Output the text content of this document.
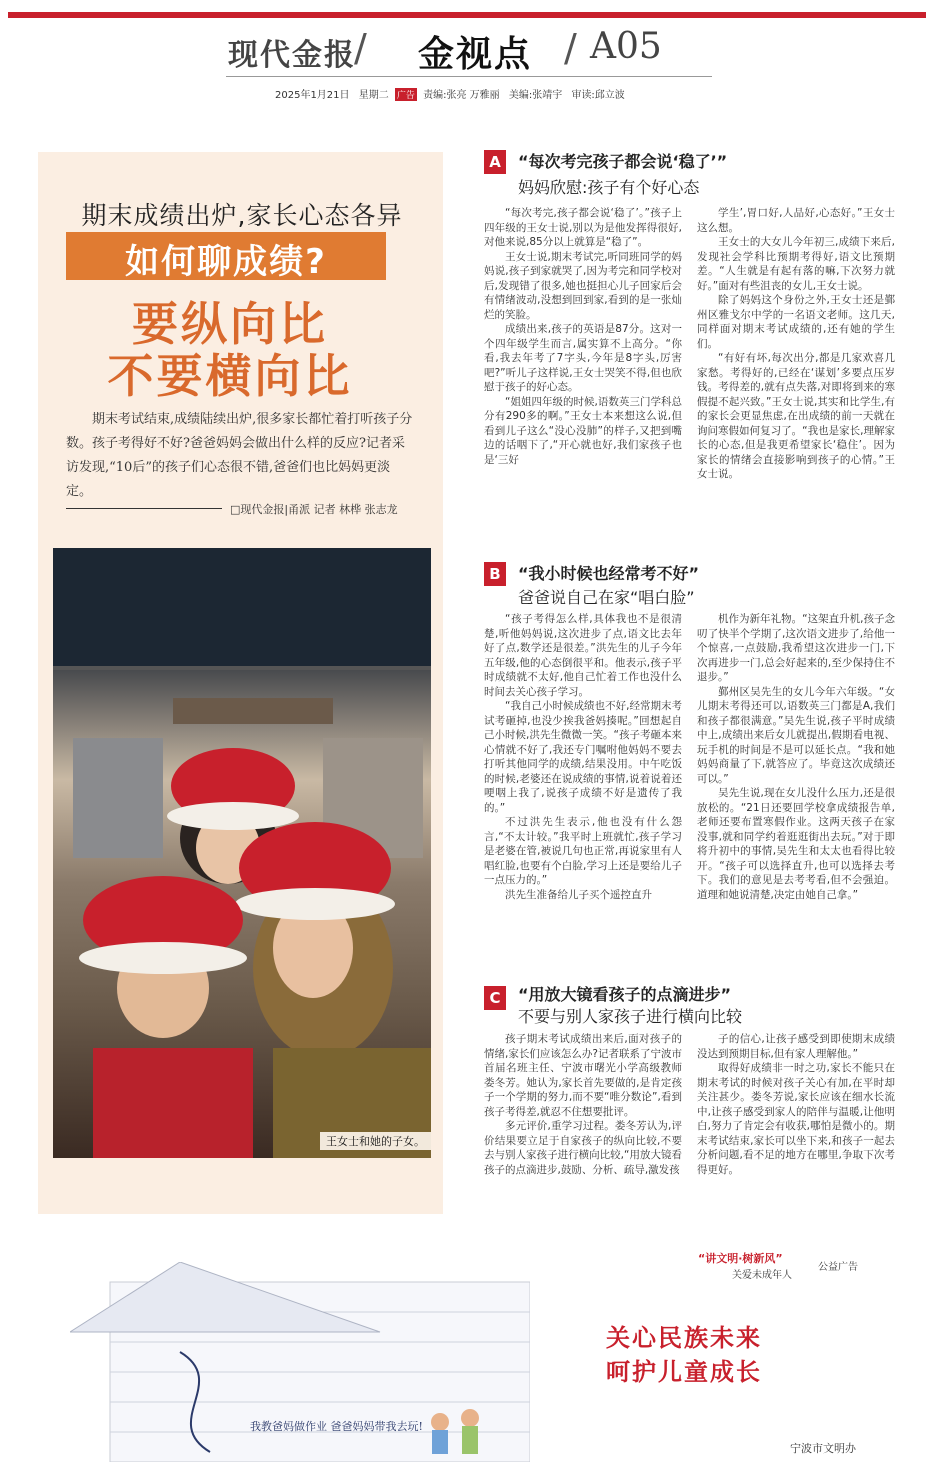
现代金报
/ 金视点 / A05
2025年1月21日 星期二 广告 责编:张亮 万雅丽 美编:张靖宇 审读:邱立波
期末成绩出炉,家长心态各异
如何聊成绩?
要纵向比
不要横向比
期末考试结束,成绩陆续出炉,很多家长都忙着打听孩子分数。孩子考得好不好?爸爸妈妈会做出什么样的反应?记者采访发现,“10后”的孩子们心态很不错,爸爸们也比妈妈更淡定。
□现代金报|甬派 记者 林桦 张志龙
王女士和她的子女。
A	“每次考完孩子都会说‘稳了’”
妈妈欣慰:孩子有个好心态

“每次考完,孩子都会说‘稳了’。”孩子上四年级的王女士说,别以为是他发挥得很好,对他来说,85分以上就算是“稳了”。

王女士说,期末考试完,听同班同学的妈妈说,孩子到家就哭了,因为考完和同学校对后,发现错了很多,她也挺担心儿子回家后会有情绪波动,没想到回到家,看到的是一张灿烂的笑脸。

成绩出来,孩子的英语是87分。这对一个四年级学生而言,属实算不上高分。“你看,我去年考了7字头,今年是8字头,厉害吧?”听儿子这样说,王女士哭笑不得,但也欣慰于孩子的好心态。

“姐姐四年级的时候,语数英三门学科总分有290多的啊。”王女士本来想这么说,但看到儿子这么“没心没肺”的样子,又把到嘴边的话咽下了,“开心就也好,我们家孩子也是‘三好

学生’,胃口好,人品好,心态好。”王女士这么想。

王女士的大女儿今年初三,成绩下来后,发现社会学科比预期考得好,语文比预期差。“人生就是有起有落的嘛,下次努力就好。”面对有些沮丧的女儿,王女士说。

除了妈妈这个身份之外,王女士还是鄞州区雅戈尔中学的一名语文老师。这几天,同样面对期末考试成绩的,还有她的学生们。

“有好有坏,每次出分,都是几家欢喜几家愁。考得好的,已经在‘谋划’多要点压岁钱。考得差的,就有点失落,对即将到来的寒假提不起兴致。”王女士说,其实和比学生,有的家长会更显焦虑,在出成绩的前一天就在询问寒假如何复习了。“我也是家长,理解家长的心态,但是我更希望家长‘稳住’。因为家长的情绪会直接影响到孩子的心情。”王女士说。

B	“我小时候也经常考不好”
爸爸说自己在家“唱白脸”

“孩子考得怎么样,具体我也不是很清楚,听他妈妈说,这次进步了点,语文比去年好了点,数学还是很差。”洪先生的儿子今年五年级,他的心态倒很平和。他表示,孩子平时成绩就不太好,他自己忙着工作也没什么时间去关心孩子学习。

“我自己小时候成绩也不好,经常期末考试考砸掉,也没少挨我爸妈揍呢。”回想起自己小时候,洪先生微微一笑。“孩子考砸本来心情就不好了,我还专门嘱咐他妈妈不要去打听其他同学的成绩,结果没用。中午吃饭的时候,老婆还在说成绩的事情,说着说着还哽咽上我了,说孩子成绩不好是遗传了我的。”

不过洪先生表示,他也没有什么怨言,“不太计较。”我平时上班就忙,孩子学习是老婆在管,被说几句也正常,再说家里有人唱红脸,也要有个白脸,学习上还是要给儿子一点压力的。”

洪先生准备给儿子买个遥控直升

机作为新年礼物。“这架直升机,孩子念叨了快半个学期了,这次语文进步了,给他一个惊喜,一点鼓励,我希望这次进步一门,下次再进步一门,总会好起来的,至少保持住不退步。”

鄞州区吴先生的女儿今年六年级。“女儿期末考得还可以,语数英三门都是A,我们和孩子都很满意。”吴先生说,孩子平时成绩中上,成绩出来后女儿就提出,假期看电视、玩手机的时间是不是可以延长点。“我和她妈妈商量了下,就答应了。毕竟这次成绩还可以。”

吴先生说,现在女儿没什么压力,还是很放松的。“21日还要回学校拿成绩报告单,老师还要布置寒假作业。这两天孩子在家没事,就和同学约着逛逛街出去玩。”对于即将升初中的事情,吴先生和太太也看得比较开。“孩子可以选择直升,也可以选择去考下。我们的意见是去考考看,但不会强迫。道理和她说清楚,决定由她自己拿。”

C	“用放大镜看孩子的点滴进步”
不要与别人家孩子进行横向比较

孩子期末考试成绩出来后,面对孩子的情绪,家长们应该怎么办?记者联系了宁波市首届名班主任、宁波市曙光小学高级教师娄冬芳。她认为,家长首先要做的,是肯定孩子一个学期的努力,而不要“唯分数论”,看到孩子考得差,就忍不住想要批评。

多元评价,重学习过程。娄冬芳认为,评价结果要立足于自家孩子的纵向比较,不要去与别人家孩子进行横向比较,“用放大镜看孩子的点滴进步,鼓励、分析、疏导,激发孩

子的信心,让孩子感受到即使期末成绩没达到预期目标,但有家人理解他。”

取得好成绩非一时之功,家长不能只在期末考试的时候对孩子关心有加,在平时却关注甚少。娄冬芳说,家长应该在细水长流中,让孩子感受到家人的陪伴与温暖,让他明白,努力了肯定会有收获,哪怕是微小的。期末考试结束,家长可以坐下来,和孩子一起去分析问题,看不足的地方在哪里,争取下次考得更好。

我教爸妈做作业 爸爸妈妈带我去玩!
“讲文明·树新风”
公益广告
关爱未成年人
关心民族未来
呵护儿童成长
宁波市文明办
